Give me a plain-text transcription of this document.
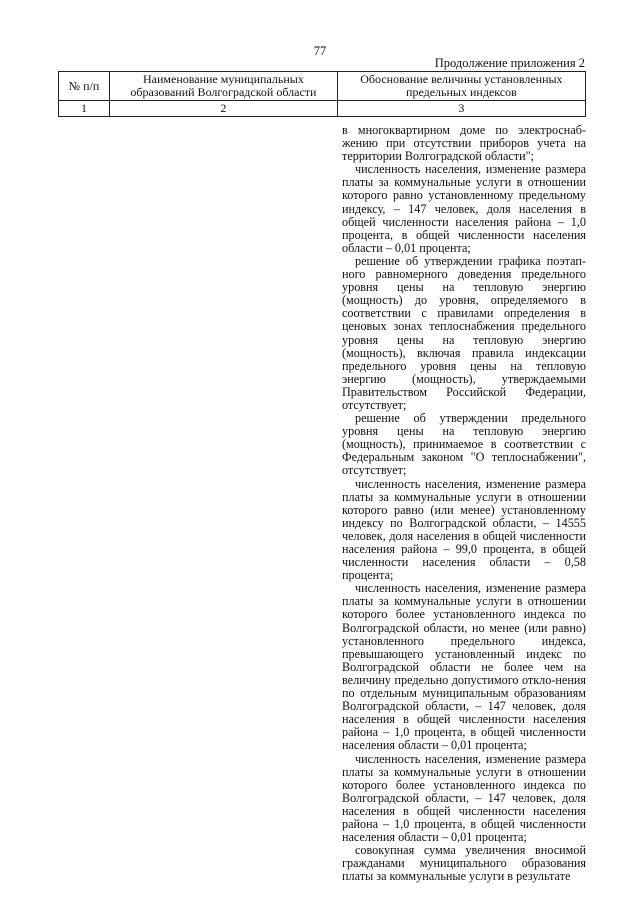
77
Продолжение приложения 2
№ п/п	Наименование муниципальных образований Волгоградской области	Обоснование величины установленных предельных индексов
1	2	3

в многоквартирном доме по электроснаб-жению при отсутствии приборов учета на территории Волгоградской области";

численность населения, изменение размера платы за коммунальные услуги в отношении которого равно установленному предельному индексу, – 147 человек, доля населения в общей численности населения района – 1,0 процента, в общей численности населения области – 0,01 процента;

решение об утверждении графика поэтап-ного равномерного доведения предельного уровня цены на тепловую энергию (мощность) до уровня, определяемого в соответствии с правилами определения в ценовых зонах теплоснабжения предельного уровня цены на тепловую энергию (мощность), включая правила индексации предельного уровня цены на тепловую энергию (мощность), утверждаемыми Правительством Российской Федерации, отсутствует;

решение об утверждении предельного уровня цены на тепловую энергию (мощность), принимаемое в соответствии с Федеральным законом "О теплоснабжении", отсутствует;

численность населения, изменение размера платы за коммунальные услуги в отношении которого равно (или менее) установленному индексу по Волгоградской области, – 14555 человек, доля населения в общей численности населения района – 99,0 процента, в общей численности населения области – 0,58 процента;

численность населения, изменение размера платы за коммунальные услуги в отношении которого более установленного индекса по Волгоградской области, но менее (или равно) установленного предельного индекса, превышающего установленный индекс по Волгоградской области не более чем на величину предельно допустимого откло-нения по отдельным муниципальным образованиям Волгоградской области, – 147 человек, доля населения в общей численности населения района – 1,0 процента, в общей численности населения области – 0,01 процента;

численность населения, изменение размера платы за коммунальные услуги в отношении которого более установленного индекса по Волгоградской области, – 147 человек, доля населения в общей численности населения района – 1,0 процента, в общей численности населения области – 0,01 процента;

совокупная сумма увеличения вносимой гражданами муниципального образования платы за коммунальные услуги в результате
